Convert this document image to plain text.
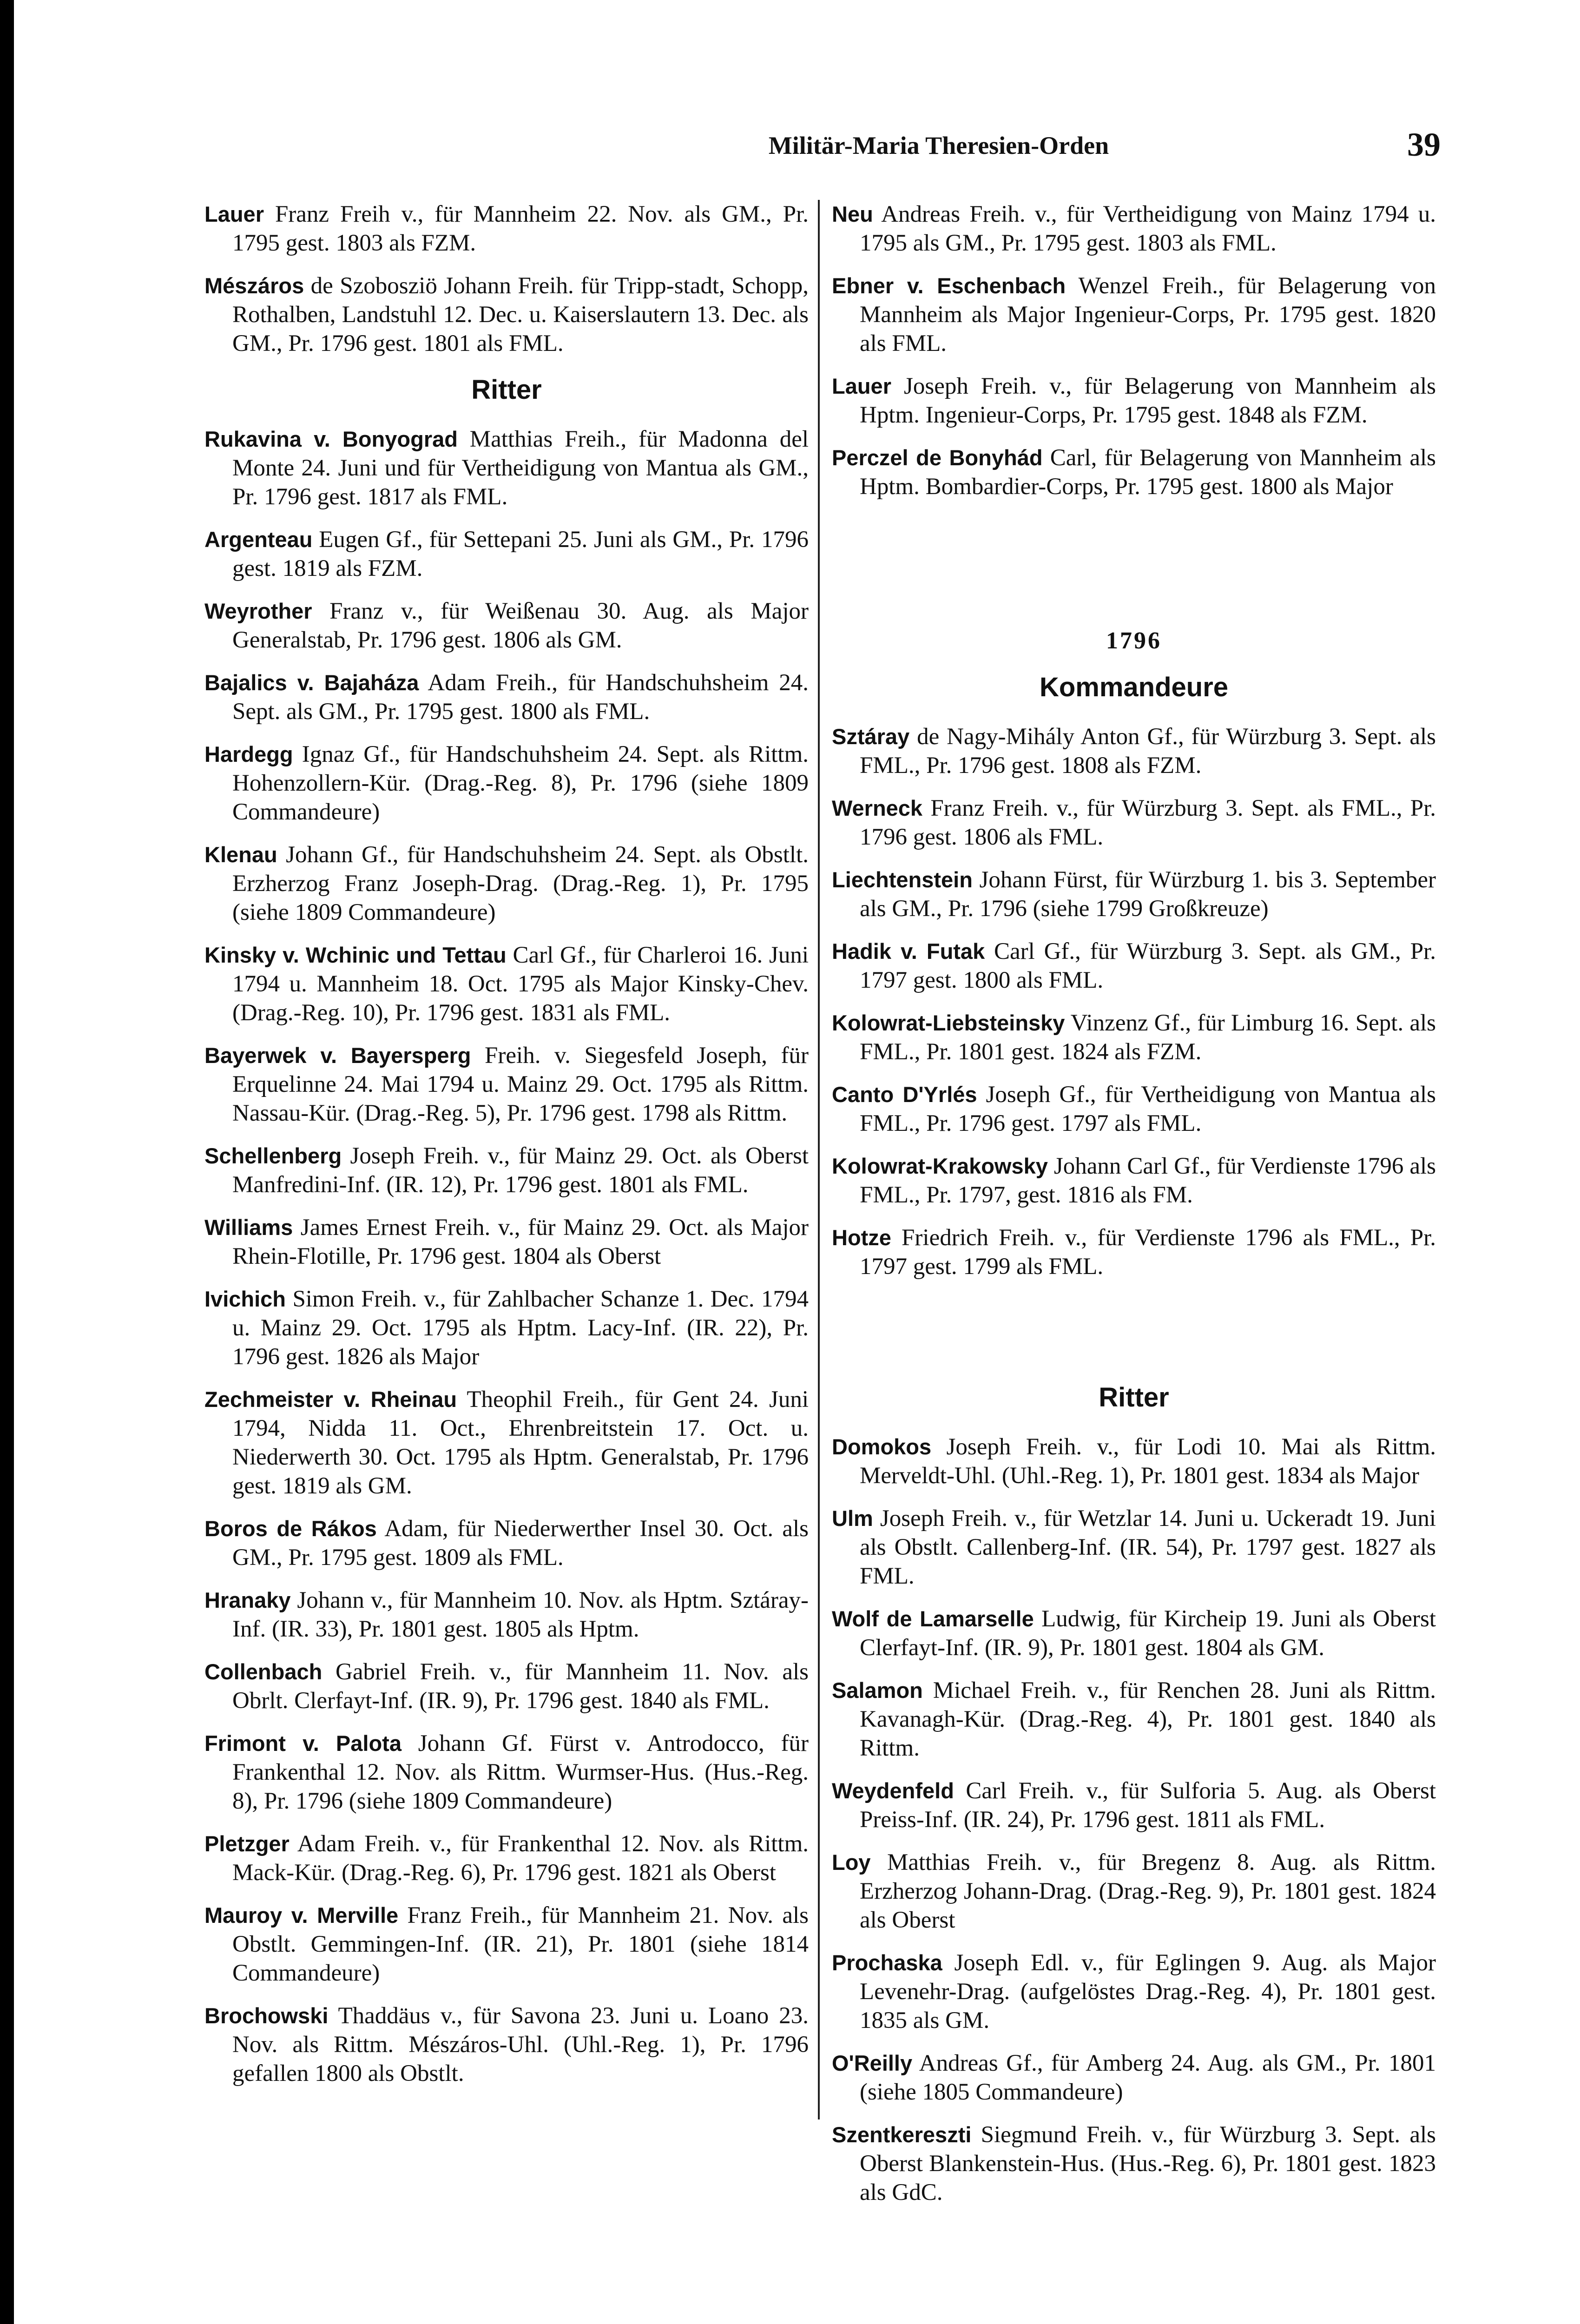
Militär-Maria Theresien-Orden	39

Lauer Franz Freih v., für Mannheim 22. Nov. als GM., Pr. 1795 gest. 1803 als FZM.

Mészáros de Szobosziö Johann Freih. für Tripp-stadt, Schopp, Rothalben, Landstuhl 12. Dec. u. Kaiserslautern 13. Dec. als GM., Pr. 1796 gest. 1801 als FML.

Ritter

Rukavina v. Bonyograd Matthias Freih., für Madonna del Monte 24. Juni und für Vertheidigung von Mantua als GM., Pr. 1796 gest. 1817 als FML.

Argenteau Eugen Gf., für Settepani 25. Juni als GM., Pr. 1796 gest. 1819 als FZM.

Weyrother Franz v., für Weißenau 30. Aug. als Major Generalstab, Pr. 1796 gest. 1806 als GM.

Bajalics v. Bajaháza Adam Freih., für Handschuhsheim 24. Sept. als GM., Pr. 1795 gest. 1800 als FML.

Hardegg Ignaz Gf., für Handschuhsheim 24. Sept. als Rittm. Hohenzollern-Kür. (Drag.-Reg. 8), Pr. 1796 (siehe 1809 Commandeure)

Klenau Johann Gf., für Handschuhsheim 24. Sept. als Obstlt. Erzherzog Franz Joseph-Drag. (Drag.-Reg. 1), Pr. 1795 (siehe 1809 Commandeure)

Kinsky v. Wchinic und Tettau Carl Gf., für Charleroi 16. Juni 1794 u. Mannheim 18. Oct. 1795 als Major Kinsky-Chev. (Drag.-Reg. 10), Pr. 1796 gest. 1831 als FML.

Bayerwek v. Bayersperg Freih. v. Siegesfeld Joseph, für Erquelinne 24. Mai 1794 u. Mainz 29. Oct. 1795 als Rittm. Nassau-Kür. (Drag.-Reg. 5), Pr. 1796 gest. 1798 als Rittm.

Schellenberg Joseph Freih. v., für Mainz 29. Oct. als Oberst Manfredini-Inf. (IR. 12), Pr. 1796 gest. 1801 als FML.

Williams James Ernest Freih. v., für Mainz 29. Oct. als Major Rhein-Flotille, Pr. 1796 gest. 1804 als Oberst

Ivichich Simon Freih. v., für Zahlbacher Schanze 1. Dec. 1794 u. Mainz 29. Oct. 1795 als Hptm. Lacy-Inf. (IR. 22), Pr. 1796 gest. 1826 als Major

Zechmeister v. Rheinau Theophil Freih., für Gent 24. Juni 1794, Nidda 11. Oct., Ehrenbreitstein 17. Oct. u. Niederwerth 30. Oct. 1795 als Hptm. Generalstab, Pr. 1796 gest. 1819 als GM.

Boros de Rákos Adam, für Niederwerther Insel 30. Oct. als GM., Pr. 1795 gest. 1809 als FML.

Hranaky Johann v., für Mannheim 10. Nov. als Hptm. Sztáray-Inf. (IR. 33), Pr. 1801 gest. 1805 als Hptm.

Collenbach Gabriel Freih. v., für Mannheim 11. Nov. als Obrlt. Clerfayt-Inf. (IR. 9), Pr. 1796 gest. 1840 als FML.

Frimont v. Palota Johann Gf. Fürst v. Antrodocco, für Frankenthal 12. Nov. als Rittm. Wurmser-Hus. (Hus.-Reg. 8), Pr. 1796 (siehe 1809 Commandeure)

Pletzger Adam Freih. v., für Frankenthal 12. Nov. als Rittm. Mack-Kür. (Drag.-Reg. 6), Pr. 1796 gest. 1821 als Oberst

Mauroy v. Merville Franz Freih., für Mannheim 21. Nov. als Obstlt. Gemmingen-Inf. (IR. 21), Pr. 1801 (siehe 1814 Commandeure)

Brochowski Thaddäus v., für Savona 23. Juni u. Loano 23. Nov. als Rittm. Mészáros-Uhl. (Uhl.-Reg. 1), Pr. 1796 gefallen 1800 als Obstlt.

Neu Andreas Freih. v., für Vertheidigung von Mainz 1794 u. 1795 als GM., Pr. 1795 gest. 1803 als FML.

Ebner v. Eschenbach Wenzel Freih., für Belagerung von Mannheim als Major Ingenieur-Corps, Pr. 1795 gest. 1820 als FML.

Lauer Joseph Freih. v., für Belagerung von Mannheim als Hptm. Ingenieur-Corps, Pr. 1795 gest. 1848 als FZM.

Perczel de Bonyhád Carl, für Belagerung von Mannheim als Hptm. Bombardier-Corps, Pr. 1795 gest. 1800 als Major

1796
Kommandeure

Sztáray de Nagy-Mihály Anton Gf., für Würzburg 3. Sept. als FML., Pr. 1796 gest. 1808 als FZM.

Werneck Franz Freih. v., für Würzburg 3. Sept. als FML., Pr. 1796 gest. 1806 als FML.

Liechtenstein Johann Fürst, für Würzburg 1. bis 3. September als GM., Pr. 1796 (siehe 1799 Großkreuze)

Hadik v. Futak Carl Gf., für Würzburg 3. Sept. als GM., Pr. 1797 gest. 1800 als FML.

Kolowrat-Liebsteinsky Vinzenz Gf., für Limburg 16. Sept. als FML., Pr. 1801 gest. 1824 als FZM.

Canto D'Yrlés Joseph Gf., für Vertheidigung von Mantua als FML., Pr. 1796 gest. 1797 als FML.

Kolowrat-Krakowsky Johann Carl Gf., für Verdienste 1796 als FML., Pr. 1797, gest. 1816 als FM.

Hotze Friedrich Freih. v., für Verdienste 1796 als FML., Pr. 1797 gest. 1799 als FML.

Ritter

Domokos Joseph Freih. v., für Lodi 10. Mai als Rittm. Merveldt-Uhl. (Uhl.-Reg. 1), Pr. 1801 gest. 1834 als Major

Ulm Joseph Freih. v., für Wetzlar 14. Juni u. Uckeradt 19. Juni als Obstlt. Callenberg-Inf. (IR. 54), Pr. 1797 gest. 1827 als FML.

Wolf de Lamarselle Ludwig, für Kircheip 19. Juni als Oberst Clerfayt-Inf. (IR. 9), Pr. 1801 gest. 1804 als GM.

Salamon Michael Freih. v., für Renchen 28. Juni als Rittm. Kavanagh-Kür. (Drag.-Reg. 4), Pr. 1801 gest. 1840 als Rittm.

Weydenfeld Carl Freih. v., für Sulforia 5. Aug. als Oberst Preiss-Inf. (IR. 24), Pr. 1796 gest. 1811 als FML.

Loy Matthias Freih. v., für Bregenz 8. Aug. als Rittm. Erzherzog Johann-Drag. (Drag.-Reg. 9), Pr. 1801 gest. 1824 als Oberst

Prochaska Joseph Edl. v., für Eglingen 9. Aug. als Major Levenehr-Drag. (aufgelöstes Drag.-Reg. 4), Pr. 1801 gest. 1835 als GM.

O'Reilly Andreas Gf., für Amberg 24. Aug. als GM., Pr. 1801 (siehe 1805 Commandeure)

Szentkereszti Siegmund Freih. v., für Würzburg 3. Sept. als Oberst Blankenstein-Hus. (Hus.-Reg. 6), Pr. 1801 gest. 1823 als GdC.
